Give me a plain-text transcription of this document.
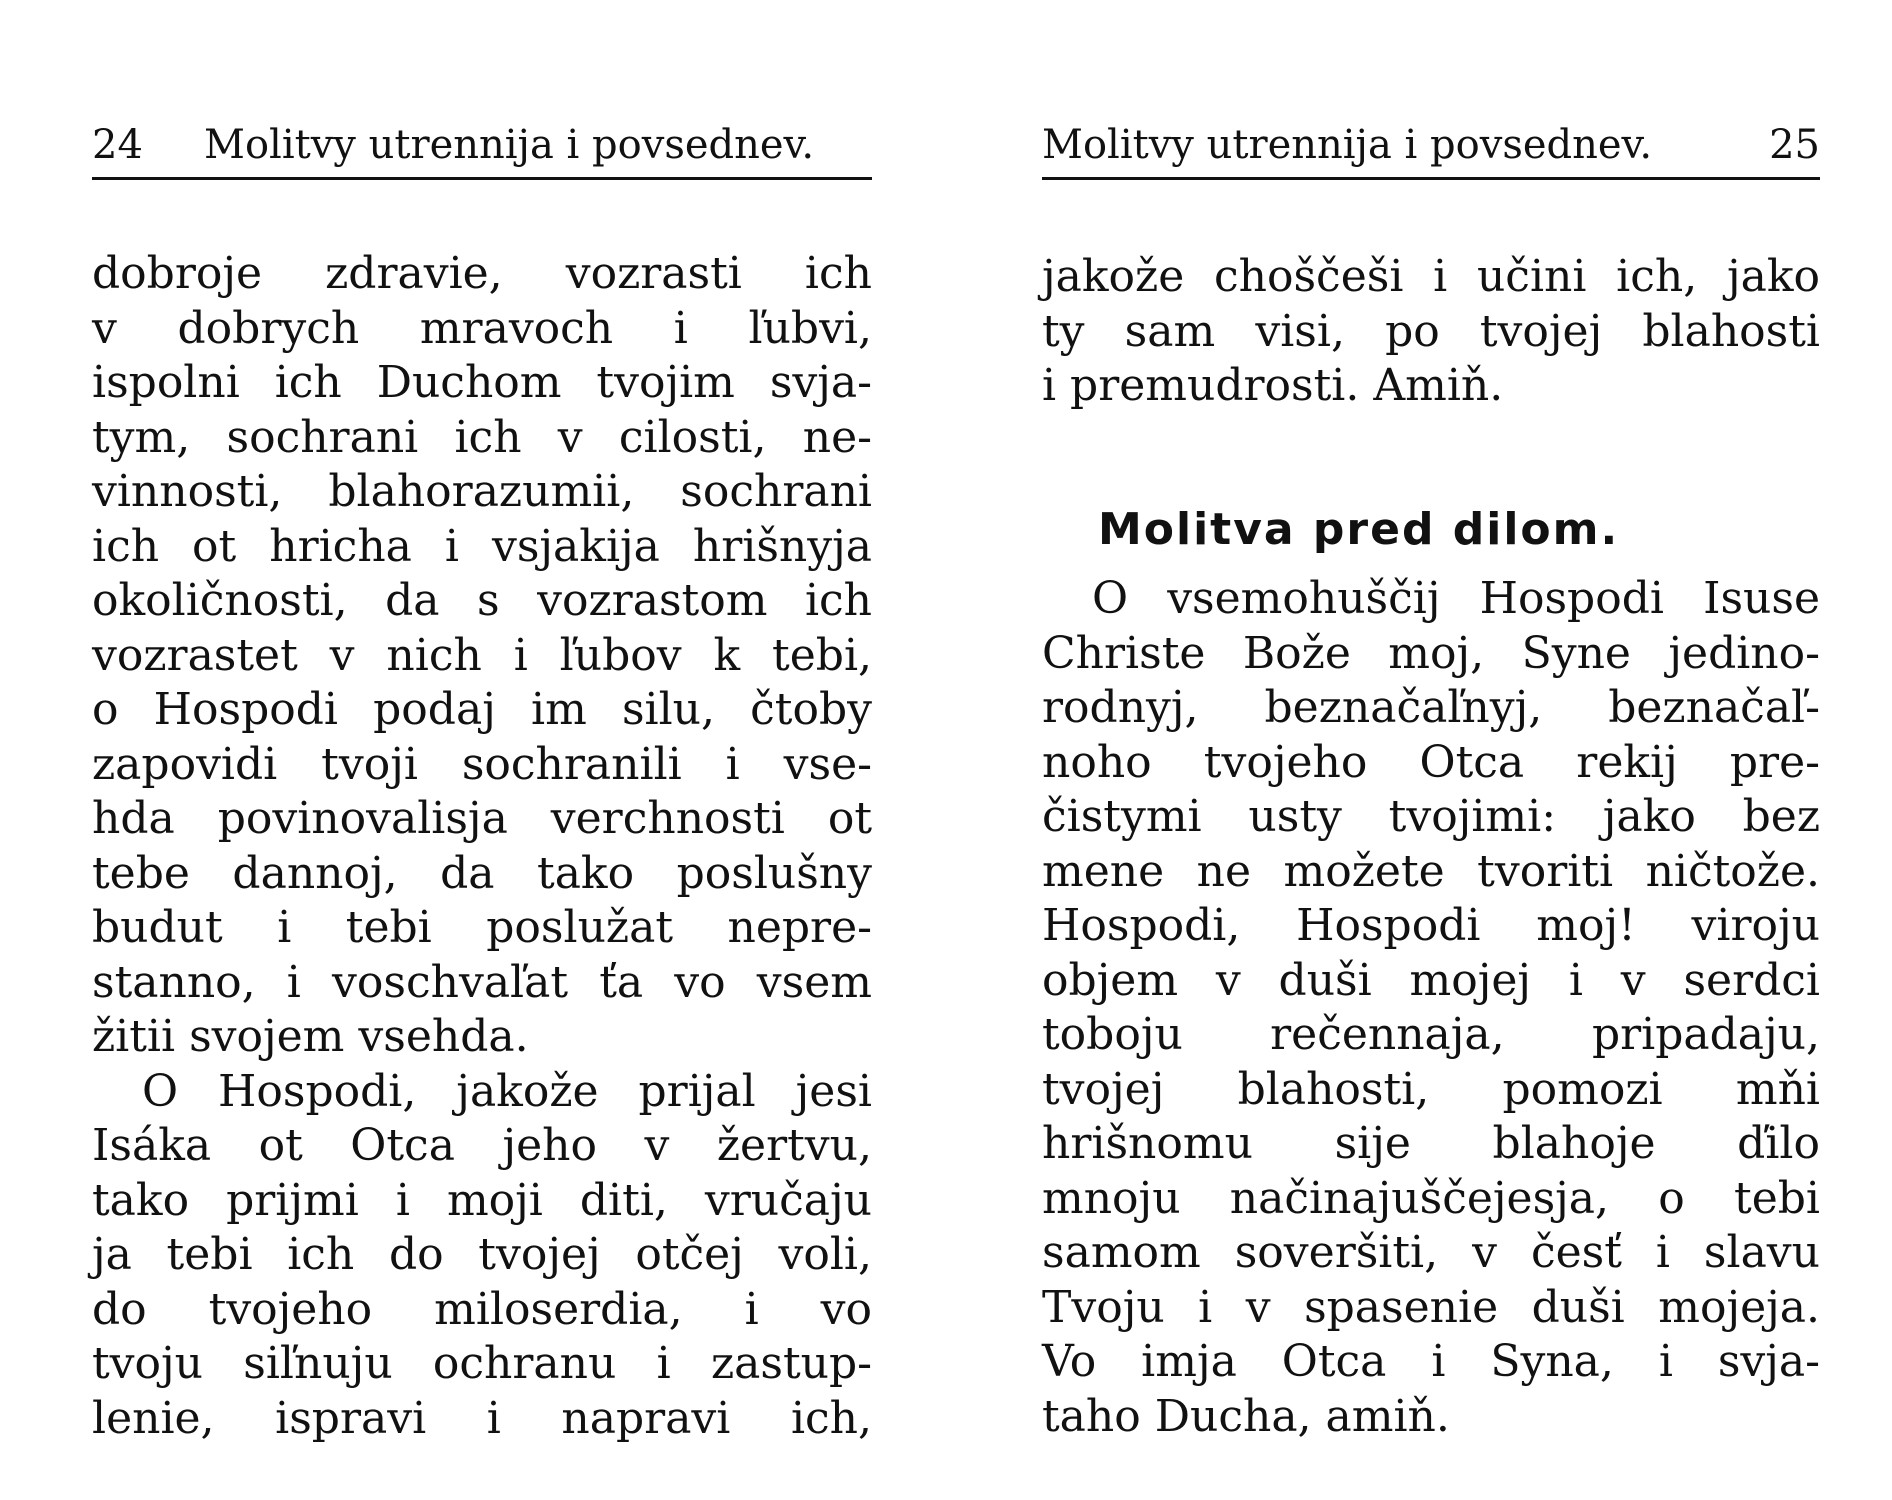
24 Molitvy utrennija i povsednev.
dobroje zdravie, vozrasti ich
v dobrych mravoch i ľubvi,
ispolni ich Duchom tvojim svja-
tym, sochrani ich v cilosti, ne-
vinnosti, blahorazumii, sochrani
ich ot hricha i vsjakija hrišnyja
okoličnosti, da s vozrastom ich
vozrastet v nich i ľubov k tebi,
o Hospodi podaj im silu, čtoby
zapovidi tvoji sochranili i vse-
hda povinovalisja verchnosti ot
tebe dannoj, da tako poslušny
budut i tebi poslužat nepre-
stanno, i voschvaľat ťa vo vsem
žitii svojem vsehda.
O Hospodi, jakože prijal jesi
Isáka ot Otca jeho v žertvu,
tako prijmi i moji diti, vručaju
ja tebi ich do tvojej otčej voli,
do tvojeho miloserdia, i vo
tvoju siľnuju ochranu i zastup-
lenie, ispravi i napravi ich,
Molitvy utrennija i povsednev.	25
jakože choščeši i učini ich, jako
ty sam visi, po tvojej blahosti
i premudrosti. Amiň.
Molitva pred dilom.
O vsemohuščij Hospodi Isuse
Christe Bože moj, Syne jedino-
rodnyj, beznačaľnyj, beznačaľ-
noho tvojeho Otca rekij pre-
čistymi usty tvojimi: jako bez
mene ne možete tvoriti ničtože.
Hospodi, Hospodi moj! viroju
objem v duši mojej i v serdci
toboju rečennaja, pripadaju,
tvojej blahosti, pomozi mňi
hrišnomu sije blahoje ďilo
mnoju načinajuščejesja, o tebi
samom soveršiti, v česť i slavu
Tvoju i v spasenie duši mojeja.
Vo imja Otca i Syna, i svja-
taho Ducha, amiň.
